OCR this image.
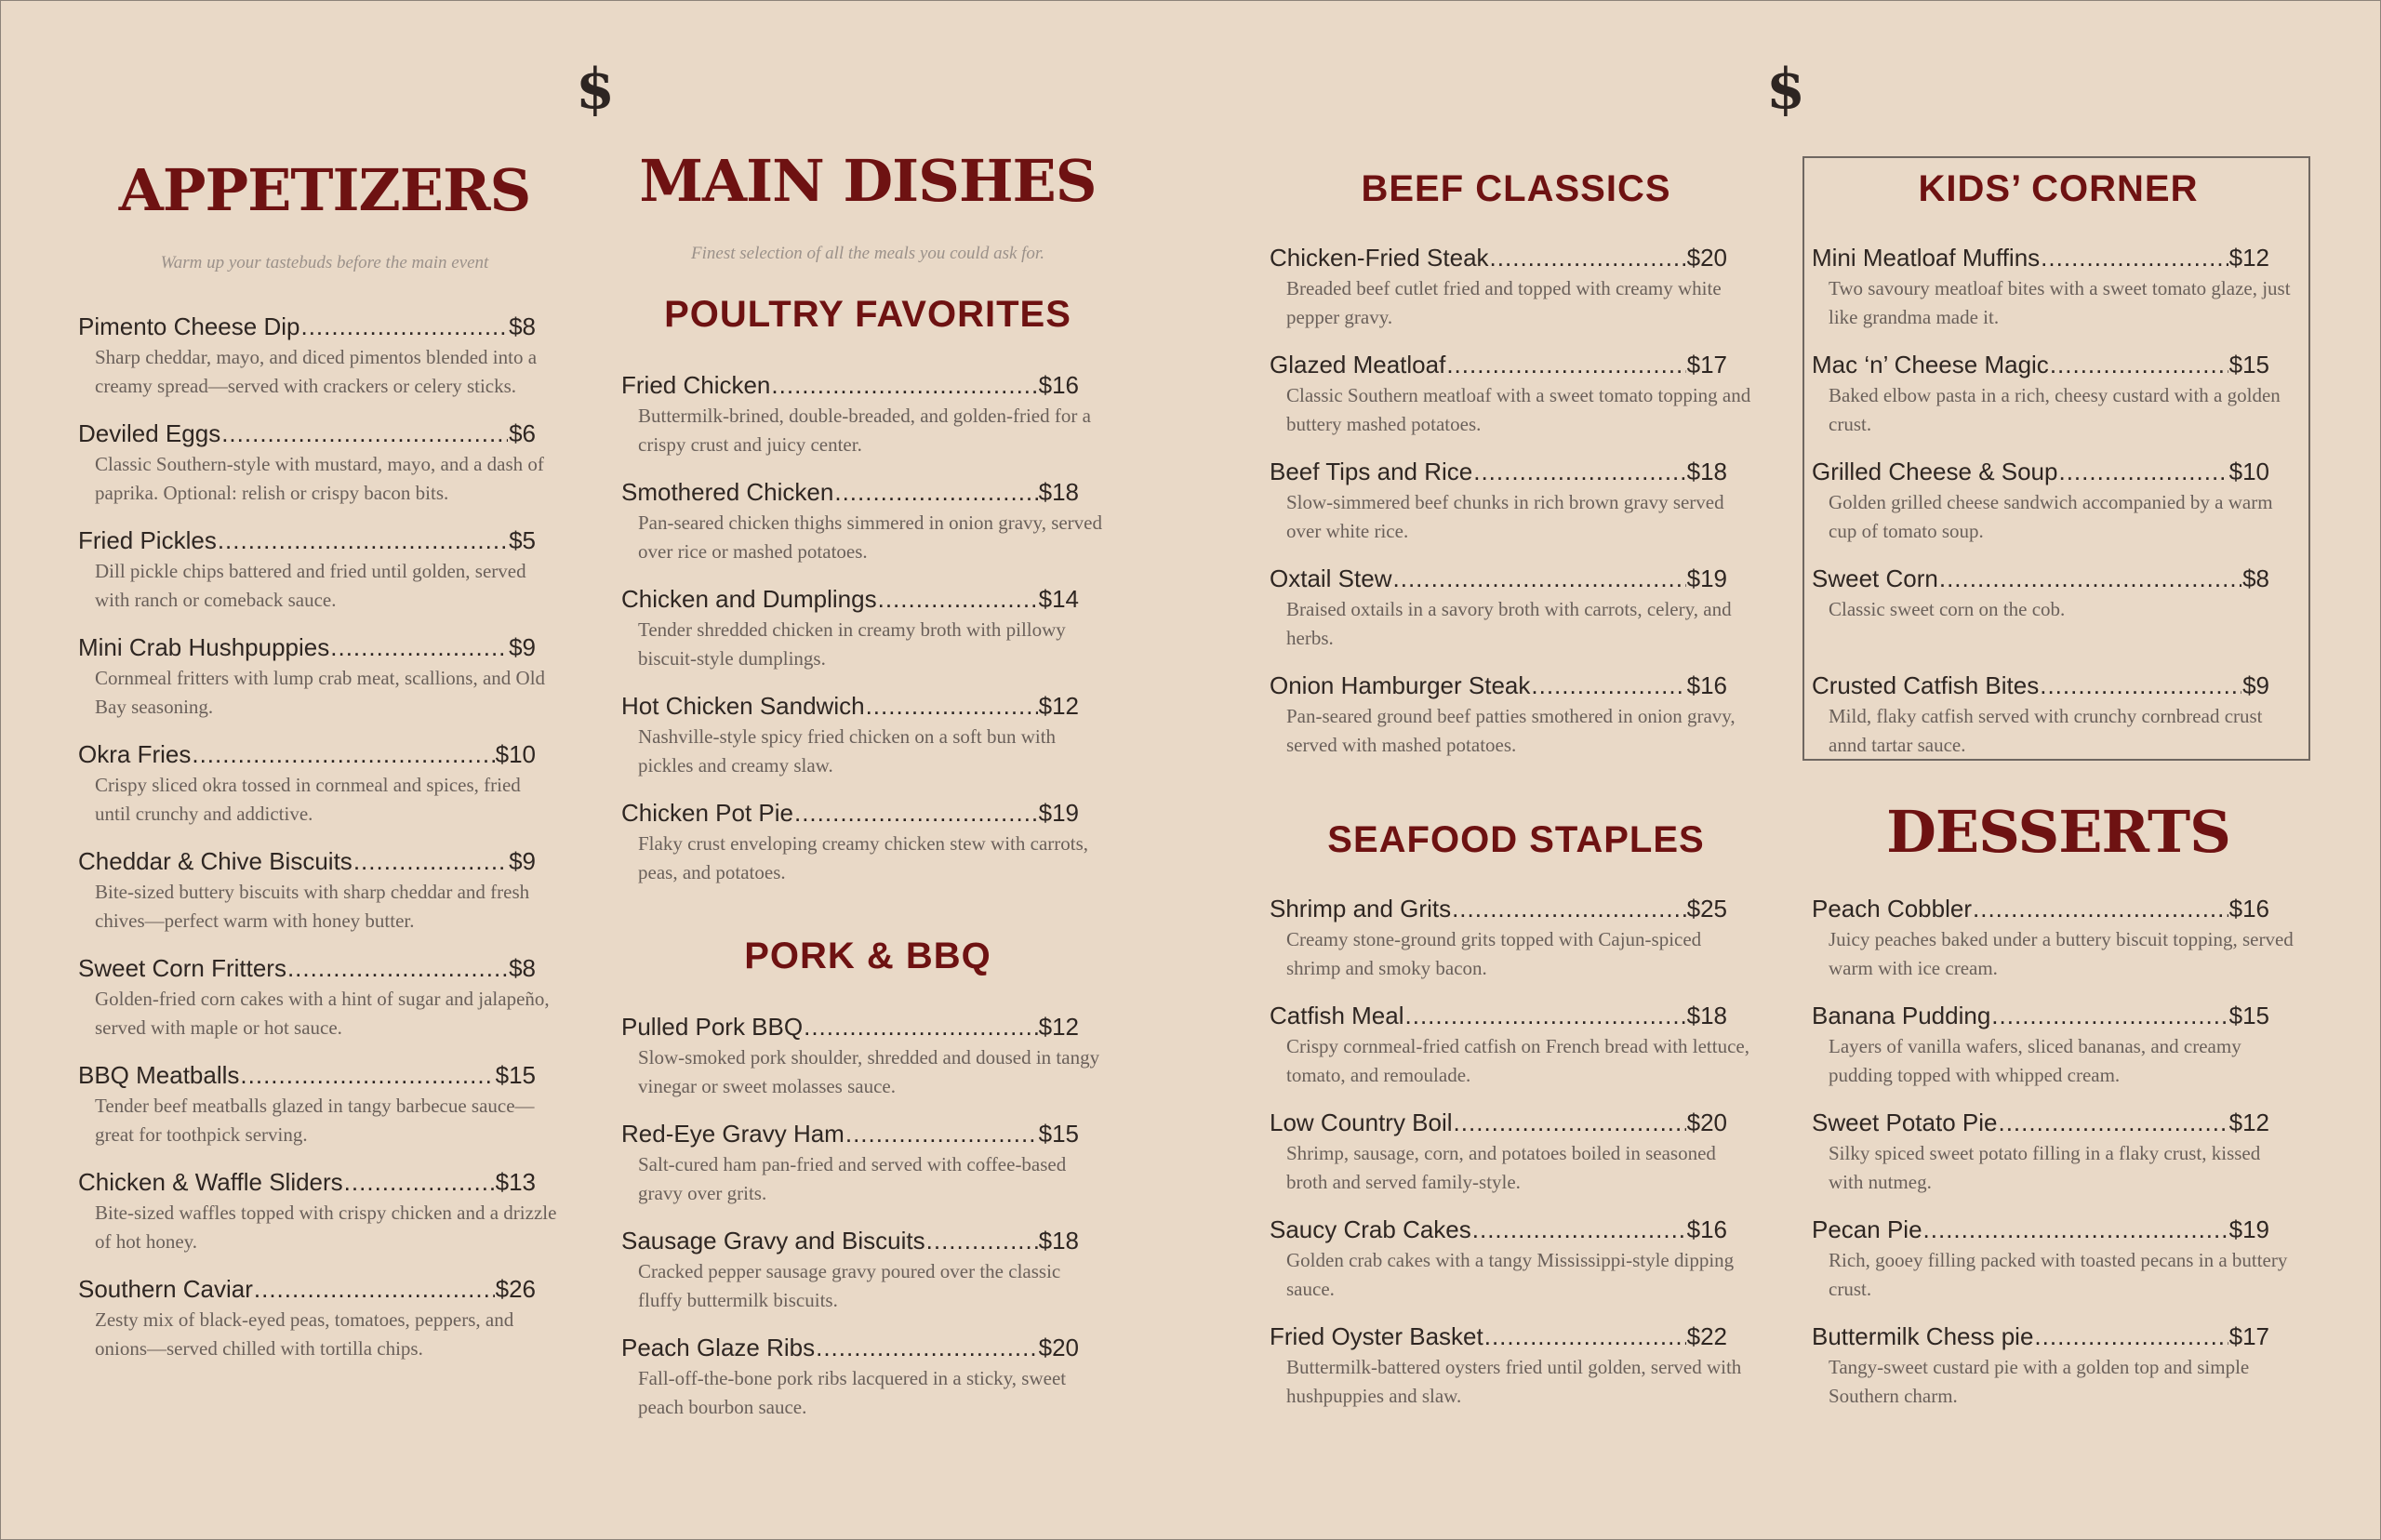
$	$
APPETIZERS
Warm up your tastebuds before the main event
Pimento Cheese Dip .....	$8
Sharp cheddar, mayo, and diced pimentos blended into a creamy spread—served with crackers or celery sticks.
Deviled Eggs .....	$6
Classic Southern-style with mustard, mayo, and a dash of paprika. Optional: relish or crispy bacon bits.
Fried Pickles .....	$5
Dill pickle chips battered and fried until golden, served with ranch or comeback sauce.
Mini Crab Hushpuppies .....	$9
Cornmeal fritters with lump crab meat, scallions, and Old Bay seasoning.
Okra Fries .....	$10
Crispy sliced okra tossed in cornmeal and spices, fried until crunchy and addictive.
Cheddar & Chive Biscuits .....	$9
Bite-sized buttery biscuits with sharp cheddar and fresh chives—perfect warm with honey butter.
Sweet Corn Fritters .....	$8
Golden-fried corn cakes with a hint of sugar and jalapeño, served with maple or hot sauce.
BBQ Meatballs .....	$15
Tender beef meatballs glazed in tangy barbecue sauce—great for toothpick serving.
Chicken & Waffle Sliders .....	$13
Bite-sized waffles topped with crispy chicken and a drizzle of hot honey.
Southern Caviar .....	$26
Zesty mix of black-eyed peas, tomatoes, peppers, and onions—served chilled with tortilla chips.
MAIN DISHES
Finest selection of all the meals you could ask for.
POULTRY FAVORITES
Fried Chicken .....	$16
Buttermilk-brined, double-breaded, and golden-fried for a crispy crust and juicy center.
Smothered Chicken .....	$18
Pan-seared chicken thighs simmered in onion gravy, served over rice or mashed potatoes.
Chicken and Dumplings .....	$14
Tender shredded chicken in creamy broth with pillowy biscuit-style dumplings.
Hot Chicken Sandwich .....	$12
Nashville-style spicy fried chicken on a soft bun with pickles and creamy slaw.
Chicken Pot Pie .....	$19
Flaky crust enveloping creamy chicken stew with carrots, peas, and potatoes.
PORK & BBQ
Pulled Pork BBQ .....	$12
Slow-smoked pork shoulder, shredded and doused in tangy vinegar or sweet molasses sauce.
Red-Eye Gravy Ham .....	$15
Salt-cured ham pan-fried and served with coffee-based gravy over grits.
Sausage Gravy and Biscuits .....	$18
Cracked pepper sausage gravy poured over the classic fluffy buttermilk biscuits.
Peach Glaze Ribs .....	$20
Fall-off-the-bone pork ribs lacquered in a sticky, sweet peach bourbon sauce.
BEEF CLASSICS
Chicken-Fried Steak .....	$20
Breaded beef cutlet fried and topped with creamy white pepper gravy.
Glazed Meatloaf .....	$17
Classic Southern meatloaf with a sweet tomato topping and buttery mashed potatoes.
Beef Tips and Rice .....	$18
Slow-simmered beef chunks in rich brown gravy served over white rice.
Oxtail Stew .....	$19
Braised oxtails in a savory broth with carrots, celery, and herbs.
Onion Hamburger Steak .....	$16
Pan-seared ground beef patties smothered in onion gravy, served with mashed potatoes.
SEAFOOD STAPLES
Shrimp and Grits .....	$25
Creamy stone-ground grits topped with Cajun-spiced shrimp and smoky bacon.
Catfish Meal .....	$18
Crispy cornmeal-fried catfish on French bread with lettuce, tomato, and remoulade.
Low Country Boil .....	$20
Shrimp, sausage, corn, and potatoes boiled in seasoned broth and served family-style.
Saucy Crab Cakes .....	$16
Golden crab cakes with a tangy Mississippi-style dipping sauce.
Fried Oyster Basket .....	$22
Buttermilk-battered oysters fried until golden, served with hushpuppies and slaw.
KIDS’ CORNER
Mini Meatloaf Muffins .....	$12
Two savoury meatloaf bites with a sweet tomato glaze, just like grandma made it.
Mac ‘n’ Cheese Magic .....	$15
Baked elbow pasta in a rich, cheesy custard with a golden crust.
Grilled Cheese & Soup .....	$10
Golden grilled cheese sandwich accompanied by a warm cup of tomato soup.
Sweet Corn .....	$8
Classic sweet corn on the cob.
Crusted Catfish Bites .....	$9
Mild, flaky catfish served with crunchy cornbread crust annd tartar sauce.
DESSERTS
Peach Cobbler .....	$16
Juicy peaches baked under a buttery biscuit topping, served warm with ice cream.
Banana Pudding .....	$15
Layers of vanilla wafers, sliced bananas, and creamy pudding topped with whipped cream.
Sweet Potato Pie .....	$12
Silky spiced sweet potato filling in a flaky crust, kissed with nutmeg.
Pecan Pie .....	$19
Rich, gooey filling packed with toasted pecans in a buttery crust.
Buttermilk Chess pie .....	$17
Tangy-sweet custard pie with a golden top and simple Southern charm.
